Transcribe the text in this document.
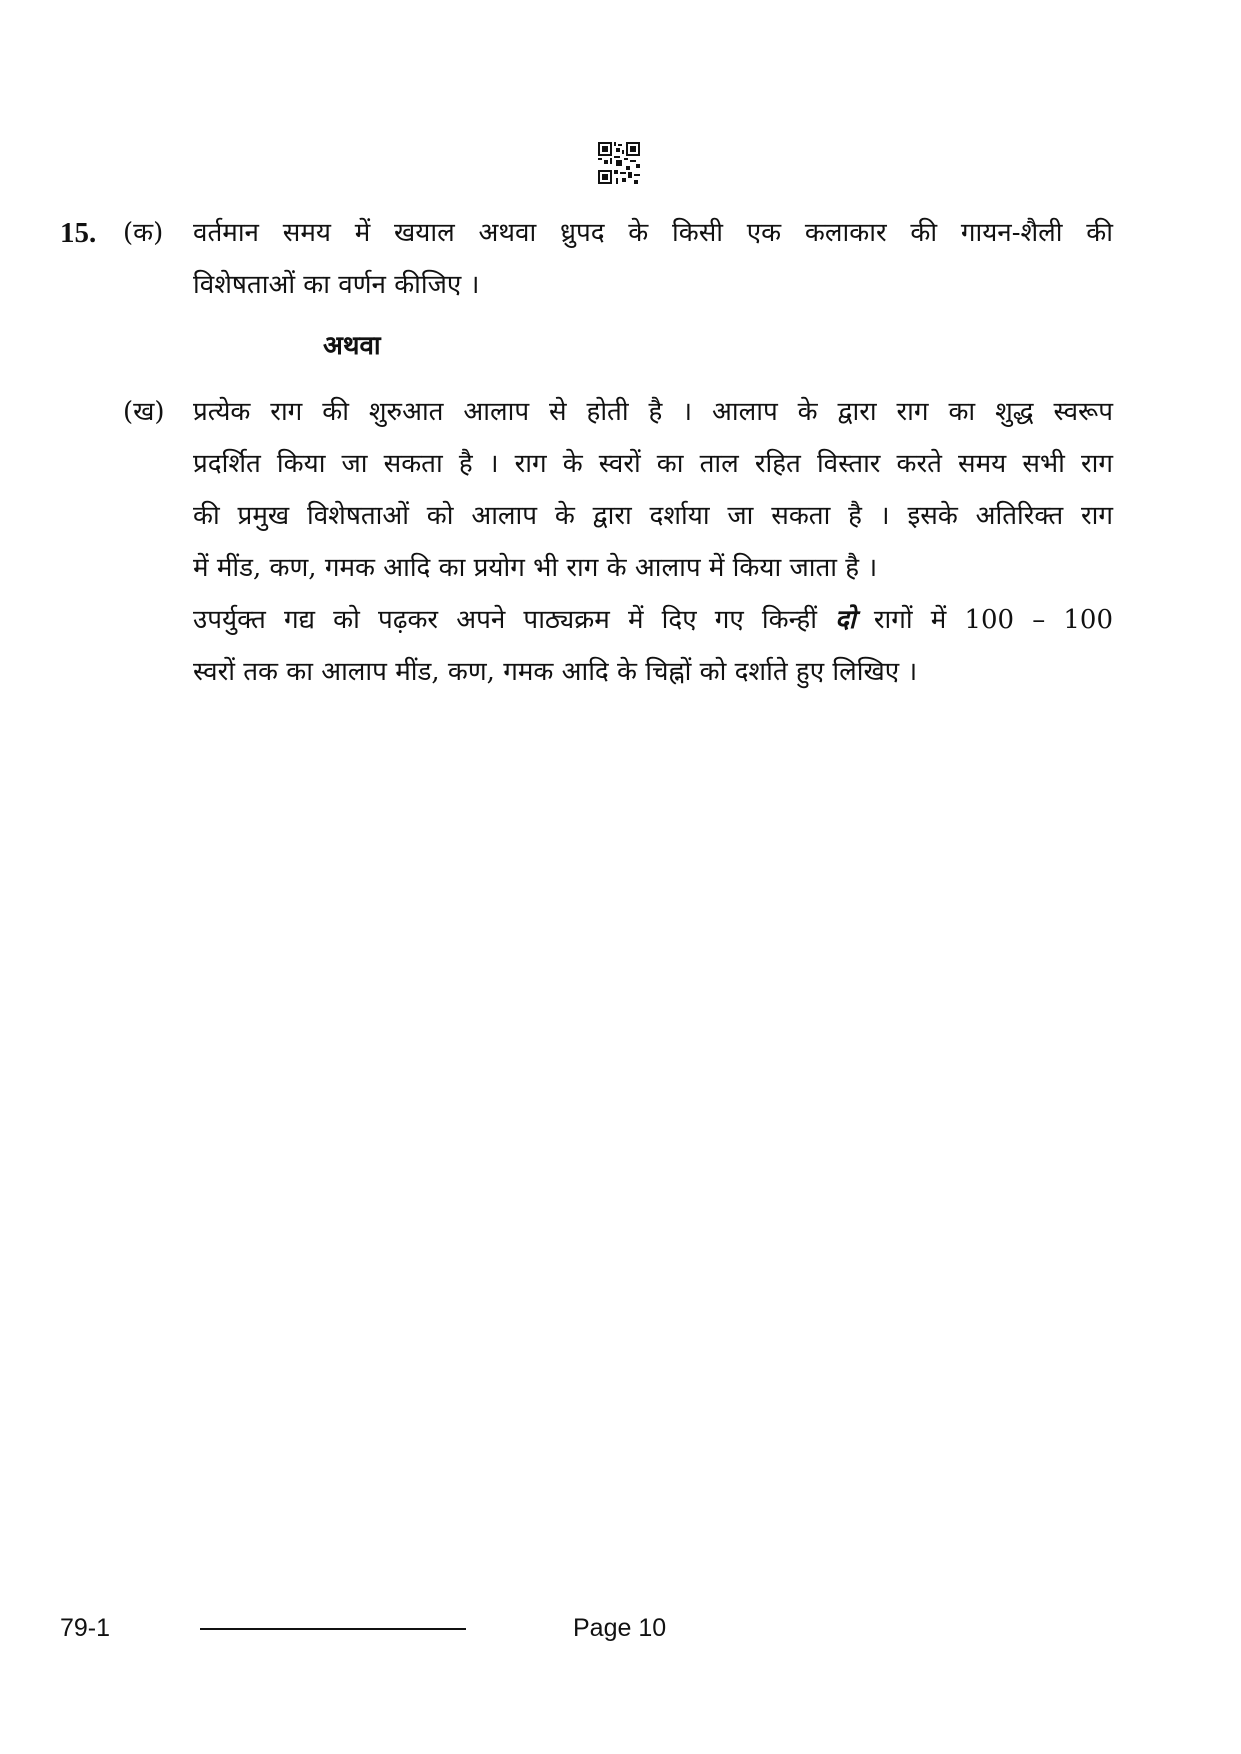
15. (क) वर्तमान समय में खयाल अथवा ध्रुपद के किसी एक कलाकार की गायन-शैली की
विशेषताओं का वर्णन कीजिए ।
अथवा
(ख) प्रत्येक राग की शुरुआत आलाप से होती है । आलाप के द्वारा राग का शुद्ध स्वरूप
प्रदर्शित किया जा सकता है । राग के स्वरों का ताल रहित विस्तार करते समय सभी राग
की प्रमुख विशेषताओं को आलाप के द्वारा दर्शाया जा सकता है । इसके अतिरिक्त राग
में मींड, कण, गमक आदि का प्रयोग भी राग के आलाप में किया जाता है ।
उपर्युक्त गद्य को पढ़कर अपने पाठ्यक्रम में दिए गए किन्हीं दो रागों में 100 – 100
स्वरों तक का आलाप मींड, कण, गमक आदि के चिह्नों को दर्शाते हुए लिखिए ।
79-1	Page 10
